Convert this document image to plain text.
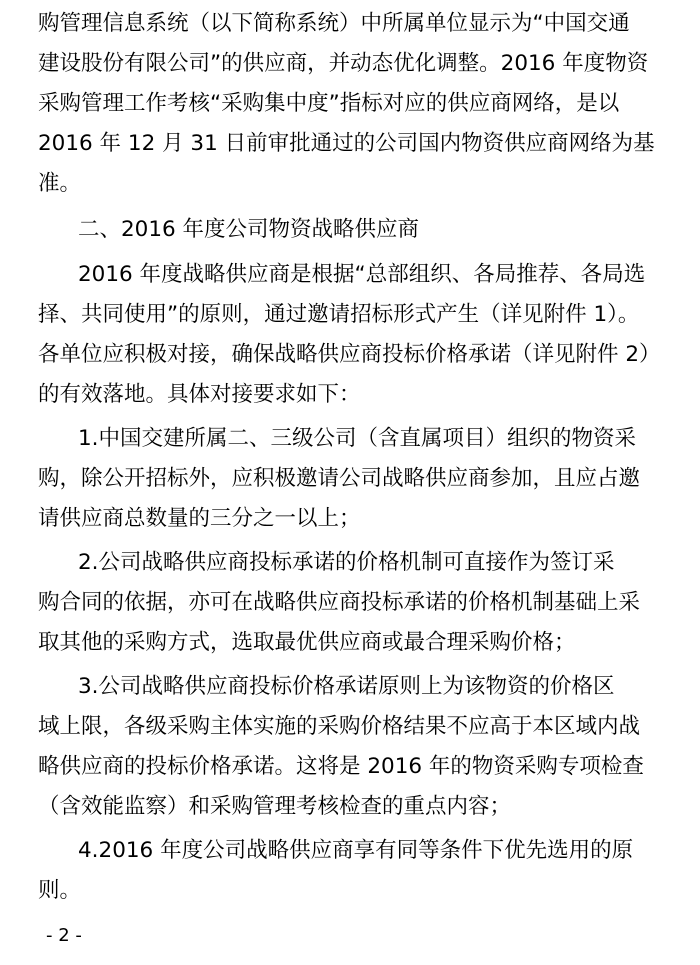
购管理信息系统（以下简称系统）中所属单位显示为“中国交通
建设股份有限公司”的供应商，并动态优化调整。2016 年度物资
采购管理工作考核“采购集中度”指标对应的供应商网络，是以
2016 年 12 月 31 日前审批通过的公司国内物资供应商网络为基
准。
二、2016 年度公司物资战略供应商
2016 年度战略供应商是根据“总部组织、各局推荐、各局选
择、共同使用”的原则，通过邀请招标形式产生（详见附件 1）。
各单位应积极对接，确保战略供应商投标价格承诺（详见附件 2）
的有效落地。具体对接要求如下：
1.中国交建所属二、三级公司（含直属项目）组织的物资采
购，除公开招标外，应积极邀请公司战略供应商参加，且应占邀
请供应商总数量的三分之一以上；
2.公司战略供应商投标承诺的价格机制可直接作为签订采
购合同的依据，亦可在战略供应商投标承诺的价格机制基础上采
取其他的采购方式，选取最优供应商或最合理采购价格；
3.公司战略供应商投标价格承诺原则上为该物资的价格区
域上限，各级采购主体实施的采购价格结果不应高于本区域内战
略供应商的投标价格承诺。这将是 2016 年的物资采购专项检查
（含效能监察）和采购管理考核检查的重点内容；
4.2016 年度公司战略供应商享有同等条件下优先选用的原
则。
- 2 -
